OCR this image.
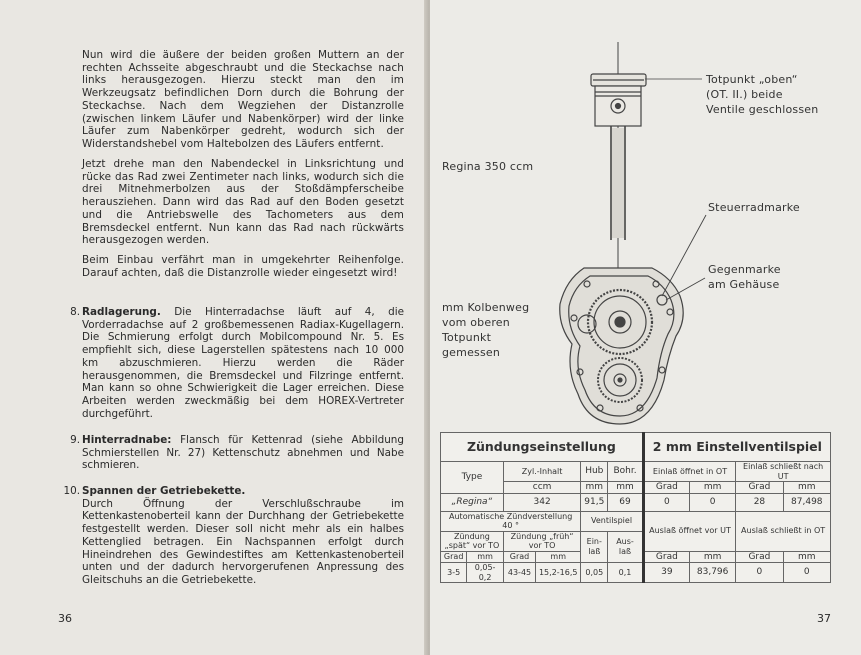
Nun wird die äußere der beiden großen Muttern an der rechten Achsseite abgeschraubt und die Steckachse nach links herausgezogen. Hierzu steckt man den im Werkzeugsatz befindlichen Dorn durch die Bohrung der Steckachse. Nach dem Wegziehen der Distanzrolle (zwischen linkem Läufer und Nabenkörper) wird der linke Läufer zum Nabenkörper gedreht, wodurch sich der Widerstandshebel vom Haltebolzen des Läufers entfernt.

Jetzt drehe man den Nabendeckel in Linksrichtung und rücke das Rad zwei Zentimeter nach links, wodurch sich die drei Mitnehmerbolzen aus der Stoßdämpferscheibe herausziehen. Dann wird das Rad auf den Boden gesetzt und die Antriebswelle des Tachometers aus dem Bremsdeckel entfernt. Nun kann das Rad nach rückwärts herausgezogen werden.

Beim Einbau verfährt man in umgekehrter Reihenfolge. Darauf achten, daß die Distanzrolle wieder eingesetzt wird!

8. Radlagerung. Die Hinterradachse läuft auf 4, die Vorderradachse auf 2 großbemessenen Radiax-Kugellagern. Die Schmierung erfolgt durch Mobilcompound Nr. 5. Es empfiehlt sich, diese Lagerstellen spätestens nach 10 000 km abzuschmieren. Hierzu werden die Räder herausgenommen, die Bremsdeckel und Filzringe entfernt. Man kann so ohne Schwierigkeit die Lager erreichen. Diese Arbeiten werden zweckmäßig bei dem HOREX-Vertreter durchgeführt.
9. Hinterradnabe: Flansch für Kettenrad (siehe Abbildung Schmierstellen Nr. 27) Kettenschutz abnehmen und Nabe schmieren.
10. Spannen der Getriebekette.
Durch Öffnung der Verschlußschraube im Kettenkastenoberteil kann der Durchhang der Getriebekette festgestellt werden. Dieser soll nicht mehr als ein halbes Kettenglied betragen. Ein Nachspannen erfolgt durch Hineindrehen des Gewindestiftes am Kettenkastenoberteil unten und der dadurch hervorgerufenen Anpressung des Gleitschuhs an die Getriebekette.
36	37
Regina 350 ccm
Totpunkt „oben“
(OT. II.) beide
Ventile geschlossen
Steuerradmarke
Gegenmarke
am Gehäuse
mm Kolbenweg
vom oberen
Totpunkt
gemessen
Zündungseinstellung						2 mm Einstellventilspiel			
Type		Zyl.-Inhalt		Hub	Bohr.	Einlaß öffnet in OT		Einlaß schließt nach UT	
		ccm		mm	mm	Grad	mm	Grad	mm

„Regina“		342		91,5	69	0	0	28	87,498
Automatische Zündverstellung 40 °				Ventilspiel		Auslaß öffnet vor UT		Auslaß schließt in OT	
Zündung „spät“ vor TO		Zündung „früh“ vor TO		Ein-laß	Aus-laß				

Grad	mm	Grad	mm			Grad	mm	Grad	mm
3-5	0,05-0,2	43-45	15,2-16,5	0,05	0,1	39	83,796	0	0
